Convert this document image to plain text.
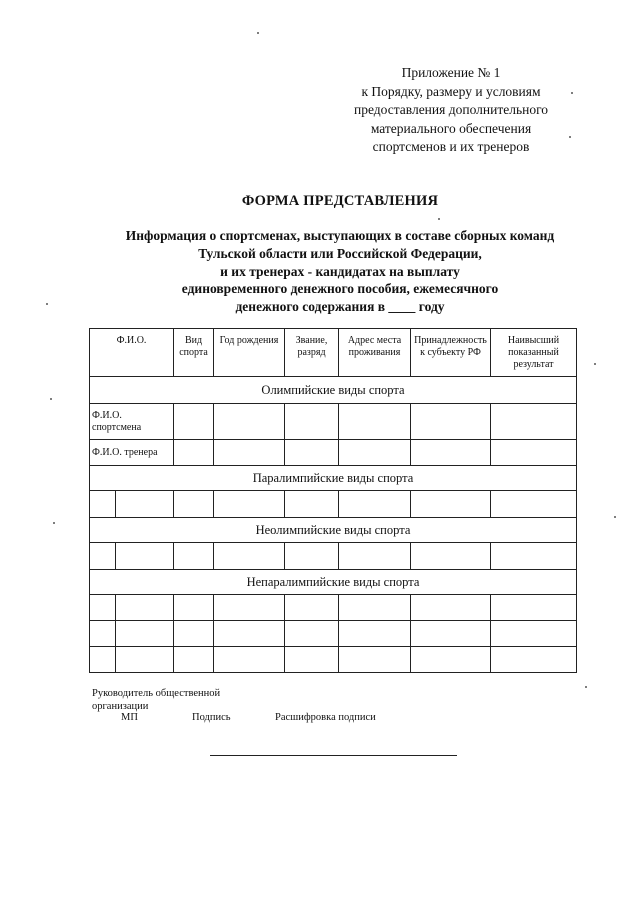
Приложение № 1
к Порядку, размеру и условиям
предоставления дополнительного
материального обеспечения
спортсменов и их тренеров
ФОРМА ПРЕДСТАВЛЕНИЯ
Информация о спортсменах, выступающих в составе сборных команд
Тульской области или Российской Федерации,
и их тренерах - кандидатах на выплату
единовременного денежного пособия, ежемесячного
денежного содержания в ____ году
Ф.И.О.		Вид спорта	Год рождения	Звание, разряд	Адрес места проживания	Принадлежность к субъекту РФ	Наивысший показанный результат
Олимпийские виды спорта							
Ф.И.О. спортсмена							
Ф.И.О. тренера							
Паралимпийские виды спорта							

Неолимпийские виды спорта							

Непаралимпийские виды спорта							

Руководитель общественной
организации
МП	Подпись	Расшифровка подписи
